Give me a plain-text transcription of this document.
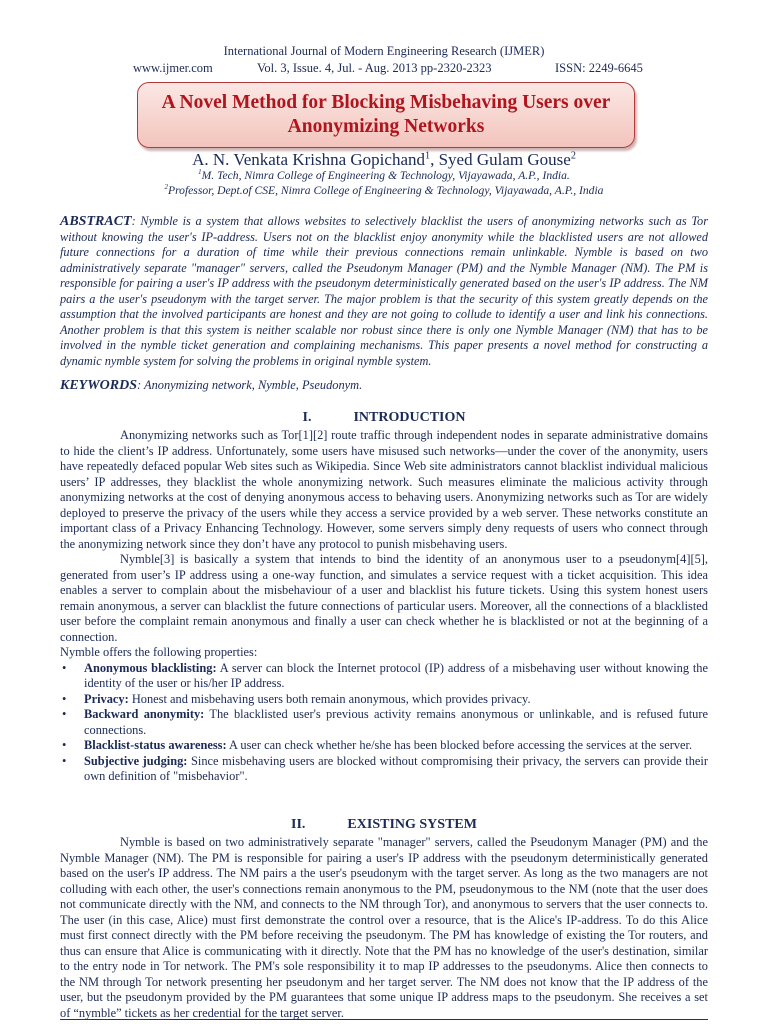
International Journal of Modern Engineering Research (IJMER)
www.ijmer.com	Vol. 3, Issue. 4, Jul. - Aug. 2013 pp-2320-2323	ISSN: 2249-6645
A Novel Method for Blocking Misbehaving Users over Anonymizing Networks
A. N. Venkata Krishna Gopichand$^1$, Syed Gulam Gouse$^2$
$^1$M. Tech, Nimra College of Engineering & Technology, Vijayawada, A.P., India.
$^2$Professor, Dept.of CSE, Nimra College of Engineering & Technology, Vijayawada, A.P., India
ABSTRACT: Nymble is a system that allows websites to selectively blacklist the users of anonymizing networks such as Tor without knowing the user's IP-address. Users not on the blacklist enjoy anonymity while the blacklisted users are not allowed future connections for a duration of time while their previous connections remain unlinkable. Nymble is based on two administratively separate "manager" servers, called the Pseudonym Manager (PM) and the Nymble Manager (NM). The PM is responsible for pairing a user's IP address with the pseudonym deterministically generated based on the user's IP address. The NM pairs a the user's pseudonym with the target server. The major problem is that the security of this system greatly depends on the assumption that the involved participants are honest and they are not going to collude to identify a user and link his connections. Another problem is that this system is neither scalable nor robust since there is only one Nymble Manager (NM) that has to be involved in the nymble ticket generation and complaining mechanisms. This paper presents a novel method for constructing a dynamic nymble system for solving the problems in original nymble system.
KEYWORDS: Anonymizing network, Nymble, Pseudonym.
I.	INTRODUCTION

Anonymizing networks such as Tor[1][2] route traffic through independent nodes in separate administrative domains to hide the client’s IP address. Unfortunately, some users have misused such networks—under the cover of the anonymity, users have repeatedly defaced popular Web sites such as Wikipedia. Since Web site administrators cannot blacklist individual malicious users’ IP addresses, they blacklist the whole anonymizing network. Such measures eliminate the malicious activity through anonymizing networks at the cost of denying anonymous access to behaving users. Anonymizing networks such as Tor are widely deployed to preserve the privacy of the users while they access a service provided by a web server. These networks constitute an important class of a Privacy Enhancing Technology. However, some servers simply deny requests of users who connect through the anonymizing network since they don’t have any protocol to punish misbehaving users.

Nymble[3] is basically a system that intends to bind the identity of an anonymous user to a pseudonym[4][5], generated from user’s IP address using a one-way function, and simulates a service request with a ticket acquisition. This idea enables a server to complain about the misbehaviour of a user and blacklist his future tickets. Using this system honest users remain anonymous, a server can blacklist the future connections of particular users. Moreover, all the connections of a blacklisted user before the complaint remain anonymous and finally a user can check whether he is blacklisted or not at the beginning of a connection.

Nymble offers the following properties:

• Anonymous blacklisting: A server can block the Internet protocol (IP) address of a misbehaving user without knowing the identity of the user or his/her IP address.
• Privacy: Honest and misbehaving users both remain anonymous, which provides privacy.
• Backward anonymity: The blacklisted user's previous activity remains anonymous or unlinkable, and is refused future connections.
• Blacklist-status awareness: A user can check whether he/she has been blocked before accessing the services at the server.
• Subjective judging: Since misbehaving users are blocked without compromising their privacy, the servers can provide their own definition of "misbehavior".
II.	EXISTING SYSTEM

Nymble is based on two administratively separate "manager" servers, called the Pseudonym Manager (PM) and the Nymble Manager (NM). The PM is responsible for pairing a user's IP address with the pseudonym deterministically generated based on the user's IP address. The NM pairs a the user's pseudonym with the target server. As long as the two managers are not colluding with each other, the user's connections remain anonymous to the PM, pseudonymous to the NM (note that the user does not communicate directly with the NM, and connects to the NM through Tor), and anonymous to servers that the user connects to. The user (in this case, Alice) must first demonstrate the control over a resource, that is the Alice's IP-address. To do this Alice must first connect directly with the PM before receiving the pseudonym. The PM has knowledge of existing the Tor routers, and thus can ensure that Alice is communicating with it directly. Note that the PM has no knowledge of the user's destination, similar to the entry node in Tor network. The PM's sole responsibility it to map IP addresses to the pseudonyms. Alice then connects to the NM through Tor network presenting her pseudonym and her target server. The NM does not know that the IP address of the user, but the pseudonym provided by the PM guarantees that some unique IP address maps to the pseudonym. She receives a set of “nymble” tickets as her credential for the target server.
